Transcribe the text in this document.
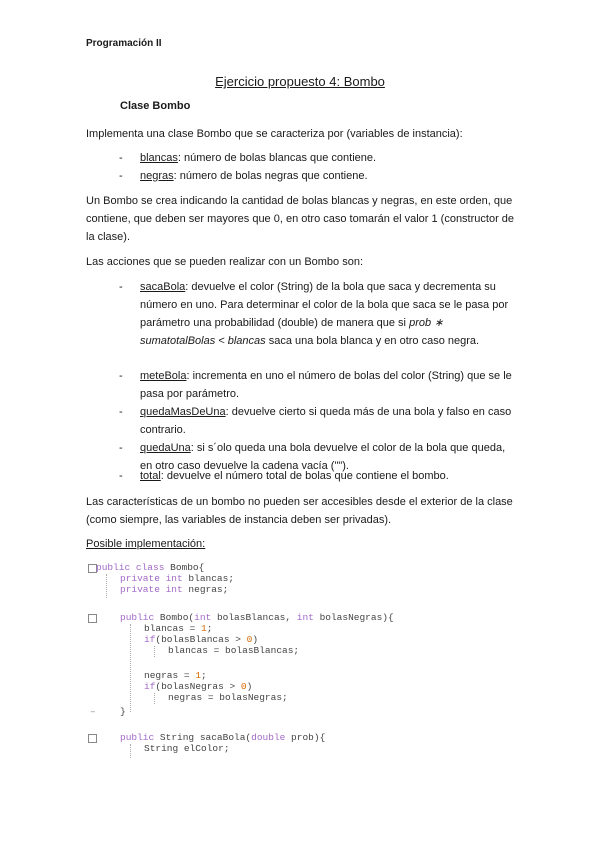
Programación II
Ejercicio propuesto 4: Bombo
Clase Bombo
Implementa una clase Bombo que se caracteriza por (variables de instancia):
- blancas: número de bolas blancas que contiene.
- negras: número de bolas negras que contiene.
Un Bombo se crea indicando la cantidad de bolas blancas y negras, en este orden, que contiene, que deben ser mayores que 0, en otro caso tomarán el valor 1 (constructor de la clase).
Las acciones que se pueden realizar con un Bombo son:
- sacaBola: devuelve el color (String) de la bola que saca y decrementa su número en uno. Para determinar el color de la bola que saca se le pasa por parámetro una probabilidad (double) de manera que si prob ∗ sumatotalBolas < blancas saca una bola blanca y en otro caso negra.
- meteBola: incrementa en uno el número de bolas del color (String) que se le pasa por parámetro.
- quedaMasDeUna: devuelve cierto si queda más de una bola y falso en caso contrario.
- quedaUna: si s´olo queda una bola devuelve el color de la bola que queda, en otro caso devuelve la cadena vacía ("").
- total: devuelve el número total de bolas que contiene el bombo.
Las características de un bombo no pueden ser accesibles desde el exterior de la clase (como siempre, las variables de instancia deben ser privadas).
Posible implementación:
public class Bombo{
private int blancas;
private int negras;
public Bombo(int bolasBlancas, int bolasNegras){
blancas = 1;
if(bolasBlancas > 0)
blancas = bolasBlancas;
negras = 1;
if(bolasNegras > 0)
negras = bolasNegras;
–	}
public String sacaBola(double prob){
String elColor;
